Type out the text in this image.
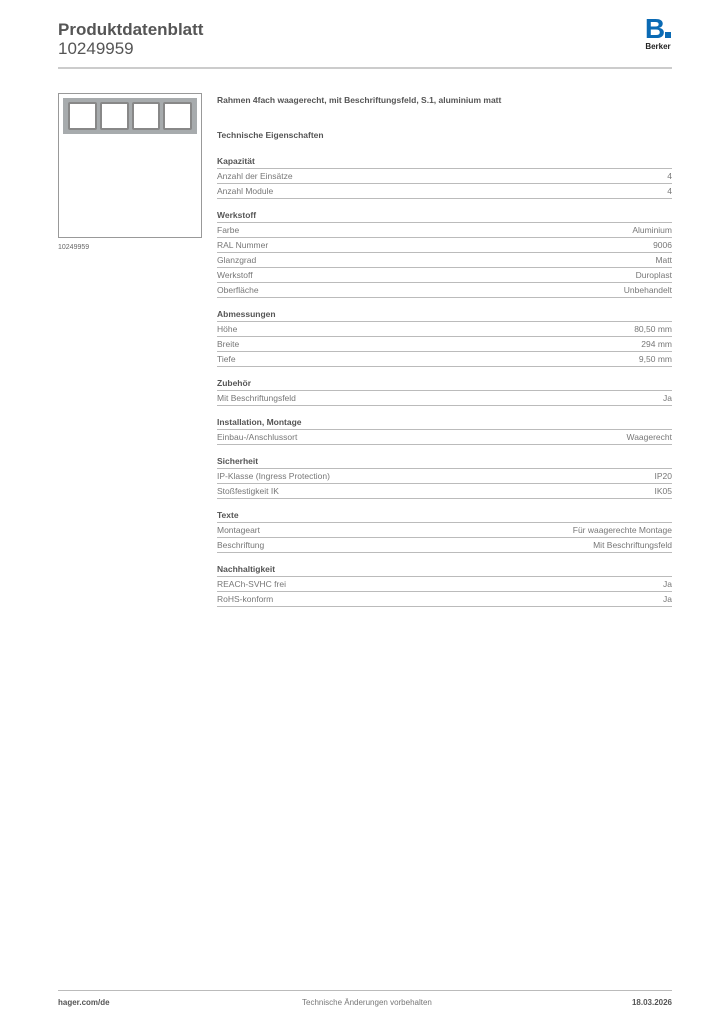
Produktdatenblatt
10249959
B
Berker
10249959
Rahmen 4fach waagerecht, mit Beschriftungsfeld, S.1, aluminium matt
Technische Eigenschaften
Kapazität
Anzahl der Einsätze	4
Anzahl Module	4
Werkstoff
Farbe	Aluminium
RAL Nummer	9006
Glanzgrad	Matt
Werkstoff	Duroplast
Oberfläche	Unbehandelt
Abmessungen
Höhe	80,50 mm
Breite	294 mm
Tiefe	9,50 mm
Zubehör
Mit Beschriftungsfeld	Ja
Installation, Montage
Einbau-/Anschlussort	Waagerecht
Sicherheit
IP-Klasse (Ingress Protection)	IP20
Stoßfestigkeit IK	IK05
Texte
Montageart	Für waagerechte Montage
Beschriftung	Mit Beschriftungsfeld
Nachhaltigkeit
REACh-SVHC frei	Ja
RoHS-konform	Ja
hager.com/de	Technische Änderungen vorbehalten	18.03.2026
